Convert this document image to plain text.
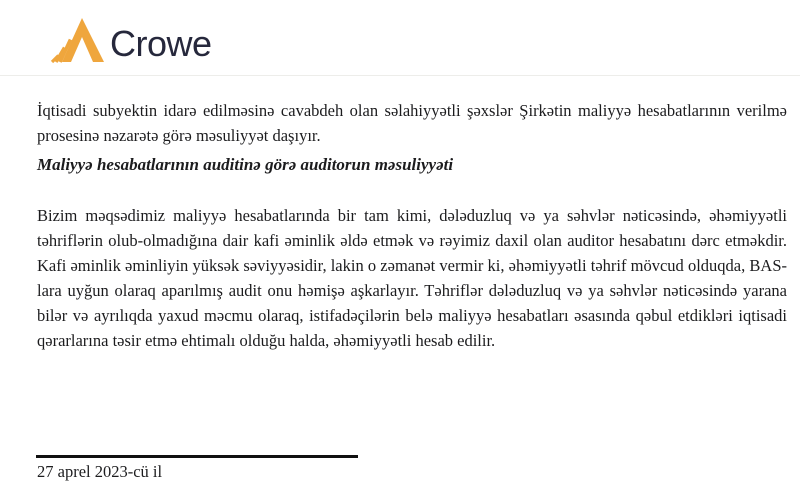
Crowe

İqtisadi subyektin idarə edilməsinə cavabdeh olan səlahiyyətli şəxslər Şirkətin maliyyə hesabatlarının verilmə prosesinə nəzarətə görə məsuliyyət daşıyır.

Maliyyə hesabatlarının auditinə görə auditorun məsuliyyəti

Bizim məqsədimiz maliyyə hesabatlarında bir tam kimi, dələduzluq və ya səhvlər nəticəsində, əhəmiyyətli təhriflərin olub-olmadığına dair kafi əminlik əldə etmək və rəyimiz daxil olan auditor hesabatını dərc etməkdir. Kafi əminlik əminliyin yüksək səviyyəsidir, lakin o zəmanət vermir ki, əhəmiyyətli təhrif mövcud olduqda, BAS-lara uyğun olaraq aparılmış audit onu həmişə aşkarlayır. Təhriflər dələduzluq və ya səhvlər nəticəsində yarana bilər və ayrılıqda yaxud məcmu olaraq, istifadəçilərin belə maliyyə hesabatları əsasında qəbul etdikləri iqtisadi qərarlarına təsir etmə ehtimalı olduğu halda, əhəmiyyətli hesab edilir.

27 aprel 2023-cü il
